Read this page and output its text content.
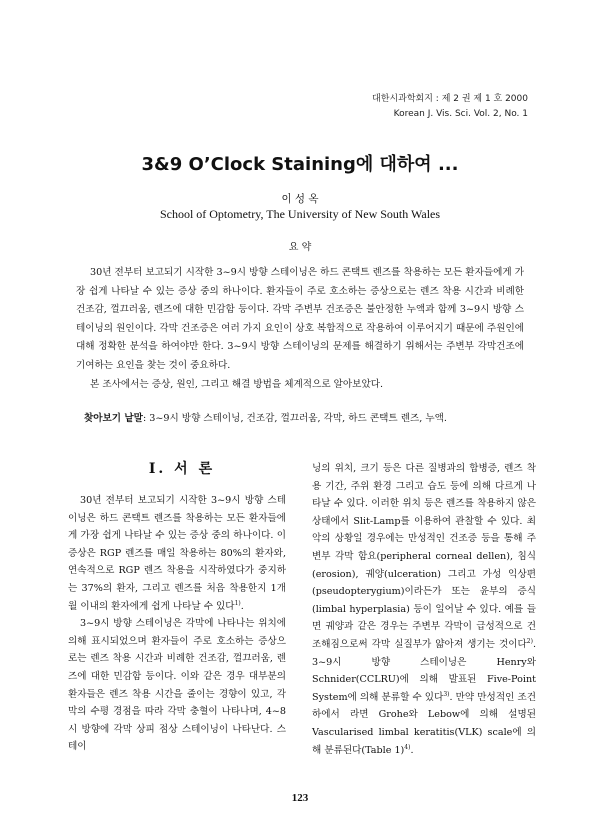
대한시과학회지 : 제 2 권 제 1 호 2000
Korean J. Vis. Sci. Vol. 2, No. 1
3&9 O’Clock Staining에 대하여 ...
이 성 옥
School of Optometry, The University of New South Wales
요 약

30년 전부터 보고되기 시작한 3~9시 방향 스테이닝은 하드 콘택트 렌즈를 착용하는 모든 환자들에게 가장 쉽게 나타날 수 있는 증상 중의 하나이다. 환자들이 주로 호소하는 증상으로는 렌즈 착용 시간과 비례한 건조감, 껄끄러움, 렌즈에 대한 민감함 등이다. 각막 주변부 건조증은 불안정한 누액과 함께 3~9시 방향 스테이닝의 원인이다. 각막 건조증은 여러 가지 요인이 상호 복합적으로 작용하여 이루어지기 때문에 주원인에 대해 정확한 분석을 하여야만 한다. 3~9시 방향 스테이닝의 문제를 해결하기 위해서는 주변부 각막건조에 기여하는 요인을 찾는 것이 중요하다.

본 조사에서는 증상, 원인, 그리고 해결 방법을 체계적으로 알아보았다.

찾아보기 낱말: 3~9시 방향 스테이닝, 건조감, 껄끄러움, 각막, 하드 콘택트 렌즈, 누액.
I. 서 론

30년 전부터 보고되기 시작한 3~9시 방향 스테이닝은 하드 콘택트 렌즈를 착용하는 모든 환자들에게 가장 쉽게 나타날 수 있는 증상 중의 하나이다. 이 증상은 RGP 렌즈를 매일 착용하는 80%의 환자와, 연속적으로 RGP 렌즈 착용을 시작하였다가 중지하는 37%의 환자, 그리고 렌즈를 처음 착용한지 1개월 이내의 환자에게 쉽게 나타날 수 있다$^{1)}$.

3~9시 방향 스테이닝은 각막에 나타나는 위치에 의해 표시되었으며 환자들이 주로 호소하는 증상으로는 렌즈 착용 시간과 비례한 건조감, 껄끄러움, 렌즈에 대한 민감함 등이다. 이와 같은 경우 대부분의 환자들은 렌즈 착용 시간을 줄이는 경향이 있고, 각막의 수평 경점을 따라 각막 충혈이 나타나며, 4~8시 방향에 각막 상피 점상 스테이닝이 나타난다. 스테이

닝의 위치, 크기 등은 다른 질병과의 합병증, 렌즈 착용 기간, 주위 환경 그리고 습도 등에 의해 다르게 나타날 수 있다. 이러한 위치 등은 렌즈를 착용하지 않은 상태에서 Slit-Lamp를 이용하여 관찰할 수 있다. 최악의 상황일 경우에는 만성적인 건조증 등을 통해 주변부 각막 함요(peripheral corneal dellen), 침식(erosion), 궤양(ulceration) 그리고 가성 익상편(pseudopterygium)이라든가 또는 윤부의 증식(limbal hyperplasia) 등이 일어날 수 있다. 예를 들면 궤양과 같은 경우는 주변부 각막이 급성적으로 건조해짐으로써 각막 실질부가 얇아져 생기는 것이다$^{2)}$. 3~9시 방향 스테이닝은 Henry와 Schnider(CCLRU)에 의해 발표된 Five-Point System에 의해 분류할 수 있다$^{3)}$. 만약 만성적인 조건하에서 라면 Grohe와 Lebow에 의해 설명된 Vascularised limbal keratitis(VLK) scale에 의해 분류된다(Table 1)$^{4)}$.

123
